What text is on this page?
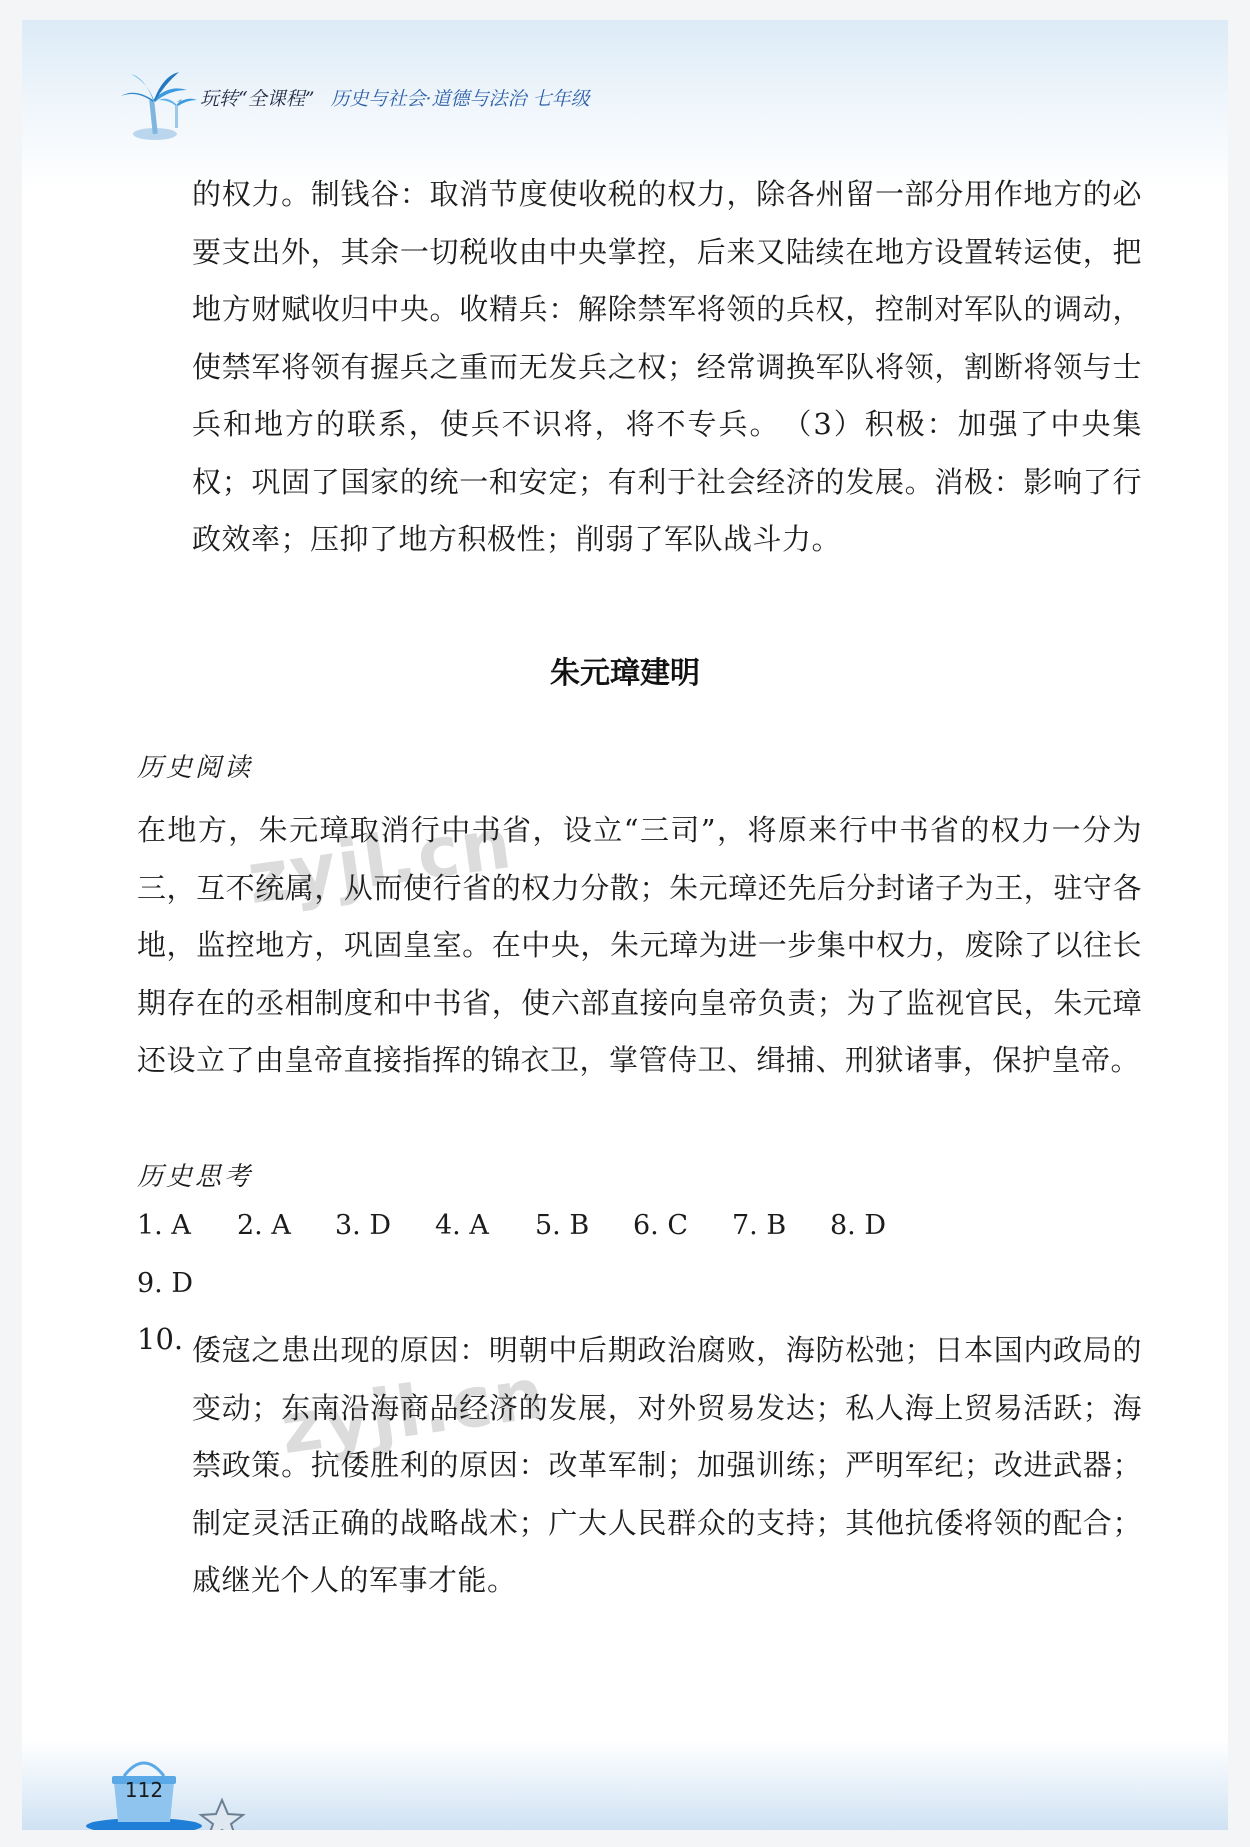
玩转“全课程” 历史与社会·道德与法治 七年级
的权力。制钱谷：取消节度使收税的权力，除各州留一部分用作地方的必要支出外，其余一切税收由中央掌控，后来又陆续在地方设置转运使，把地方财赋收归中央。收精兵：解除禁军将领的兵权，控制对军队的调动，使禁军将领有握兵之重而无发兵之权；经常调换军队将领，割断将领与士兵和地方的联系，使兵不识将，将不专兵。　（3）积极：加强了中央集权；巩固了国家的统一和安定；有利于社会经济的发展。消极：影响了行政效率；压抑了地方积极性；削弱了军队战斗力。
朱元璋建明
历史阅读
在地方，朱元璋取消行中书省，设立“三司”，将原来行中书省的权力一分为三，互不统属，从而使行省的权力分散；朱元璋还先后分封诸子为王，驻守各地，监控地方，巩固皇室。在中央，朱元璋为进一步集中权力，废除了以往长期存在的丞相制度和中书省，使六部直接向皇帝负责；为了监视官民，朱元璋还设立了由皇帝直接指挥的锦衣卫，掌管侍卫、缉捕、刑狱诸事，保护皇帝。
历史思考
1. A 2. A 3. D 4. A 5. B 6. C 7. B 8. D
9. D
10. 倭寇之患出现的原因：明朝中后期政治腐败，海防松弛；日本国内政局的变动；东南沿海商品经济的发展，对外贸易发达；私人海上贸易活跃；海禁政策。抗倭胜利的原因：改革军制；加强训练；严明军纪；改进武器；制定灵活正确的战略战术；广大人民群众的支持；其他抗倭将领的配合；戚继光个人的军事才能。
zyjl.cn
zyjl.cn
112
